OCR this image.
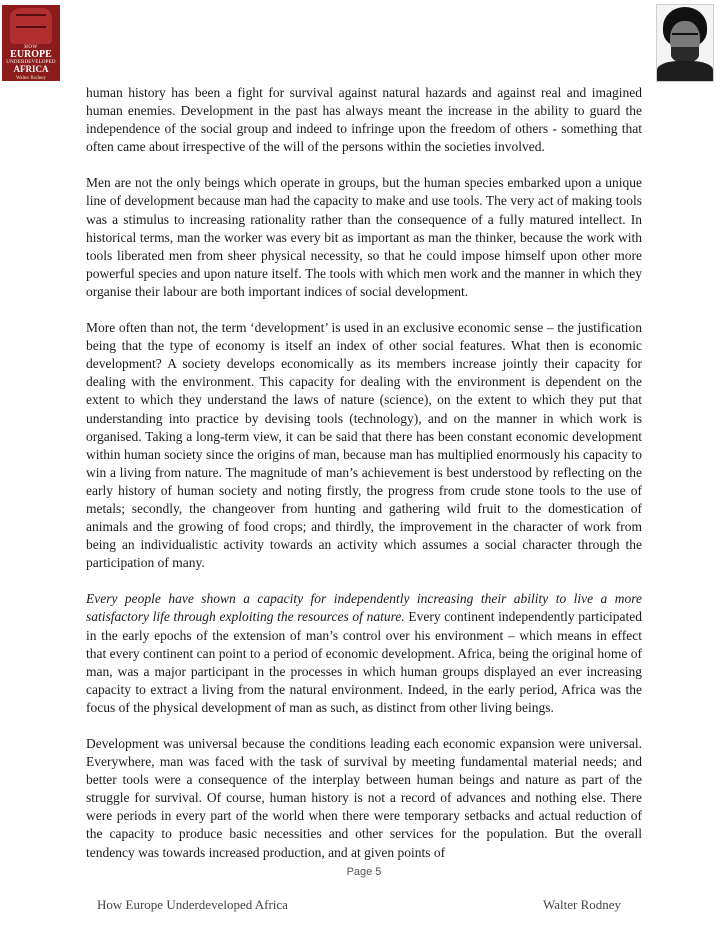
HOW
EUROPE
UNDERDEVELOPED
AFRICA
Walter Rodney

human history has been a fight for survival against natural hazards and against real and imagined human enemies. Development in the past has always meant the increase in the ability to guard the independence of the social group and indeed to infringe upon the freedom of others - something that often came about irrespective of the will of the persons within the societies involved.

Men are not the only beings which operate in groups, but the human species embarked upon a unique line of development because man had the capacity to make and use tools. The very act of making tools was a stimulus to increasing rationality rather than the consequence of a fully matured intellect. In historical terms, man the worker was every bit as important as man the thinker, because the work with tools liberated men from sheer physical necessity, so that he could impose himself upon other more powerful species and upon nature itself. The tools with which men work and the manner in which they organise their labour are both important indices of social development.

More often than not, the term ‘development’ is used in an exclusive economic sense – the justification being that the type of economy is itself an index of other social features. What then is economic development? A society develops economically as its members increase jointly their capacity for dealing with the environment. This capacity for dealing with the environment is dependent on the extent to which they understand the laws of nature (science), on the extent to which they put that understanding into practice by devising tools (technology), and on the manner in which work is organised. Taking a long-term view, it can be said that there has been constant economic development within human society since the origins of man, because man has multiplied enormously his capacity to win a living from nature. The magnitude of man’s achievement is best understood by reflecting on the early history of human society and noting firstly, the progress from crude stone tools to the use of metals; secondly, the changeover from hunting and gathering wild fruit to the domestication of animals and the growing of food crops; and thirdly, the improvement in the character of work from being an individualistic activity towards an activity which assumes a social character through the participation of many.

Every people have shown a capacity for independently increasing their ability to live a more satisfactory life through exploiting the resources of nature. Every continent independently participated in the early epochs of the extension of man’s control over his environment – which means in effect that every continent can point to a period of economic development. Africa, being the original home of man, was a major participant in the processes in which human groups displayed an ever increasing capacity to extract a living from the natural environment. Indeed, in the early period, Africa was the focus of the physical development of man as such, as distinct from other living beings.

Development was universal because the conditions leading each economic expansion were universal. Everywhere, man was faced with the task of survival by meeting fundamental material needs; and better tools were a consequence of the interplay between human beings and nature as part of the struggle for survival. Of course, human history is not a record of advances and nothing else. There were periods in every part of the world when there were temporary setbacks and actual reduction of the capacity to produce basic necessities and other services for the population. But the overall tendency was towards increased production, and at given points of

Page 5
How Europe Underdeveloped Africa	Walter Rodney
